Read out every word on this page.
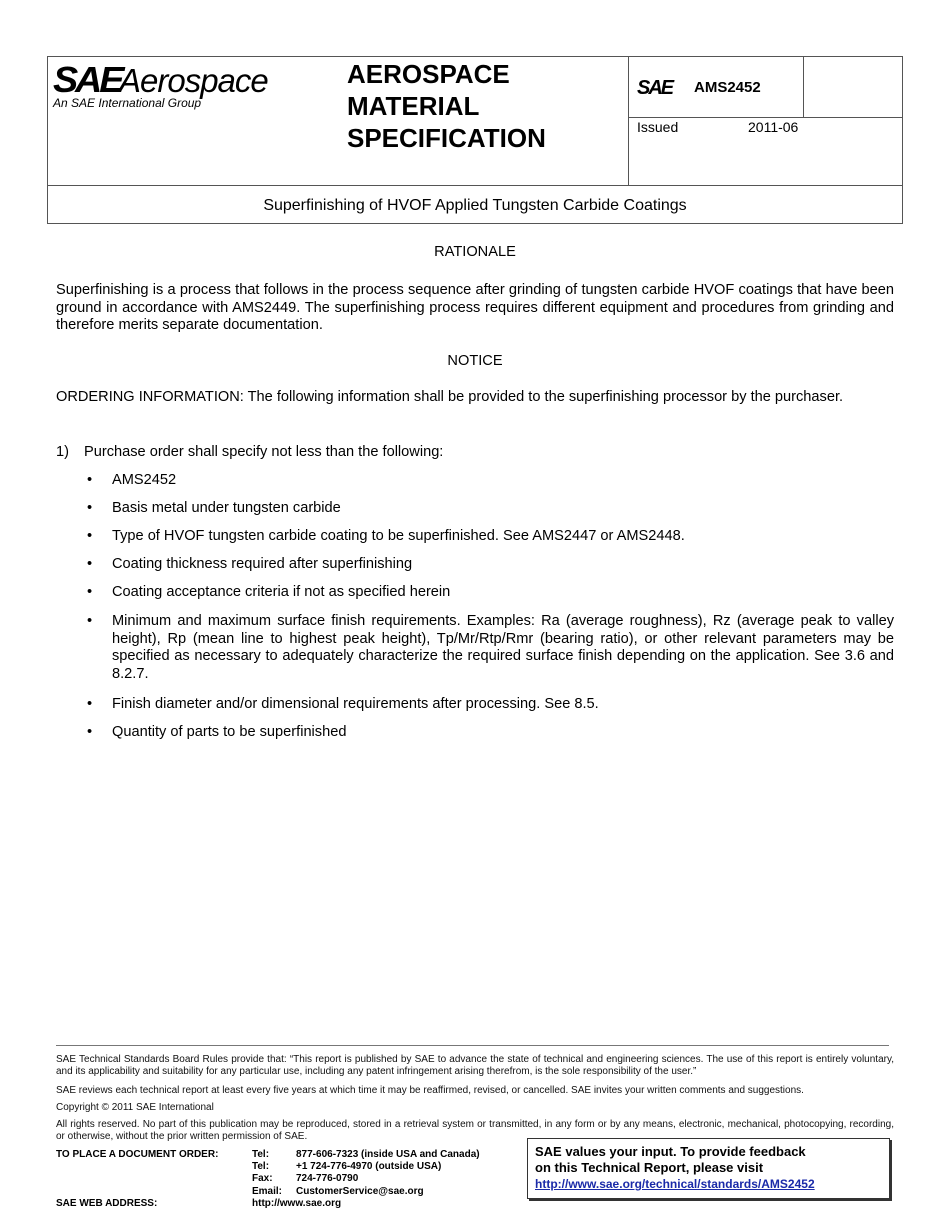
SAE
Aerospace
An SAE International Group
AEROSPACE
MATERIAL
SPECIFICATION
SAE AMS2452
Issued	2011-06
Superfinishing of HVOF Applied Tungsten Carbide Coatings
RATIONALE
Superfinishing is a process that follows in the process sequence after grinding of tungsten carbide HVOF coatings that have been ground in accordance with AMS2449. The superfinishing process requires different equipment and procedures from grinding and therefore merits separate documentation.
NOTICE
ORDERING INFORMATION: The following information shall be provided to the superfinishing processor by the purchaser.
1) Purchase order shall specify not less than the following:
• AMS2452
• Basis metal under tungsten carbide
• Type of HVOF tungsten carbide coating to be superfinished. See AMS2447 or AMS2448.
• Coating thickness required after superfinishing
• Coating acceptance criteria if not as specified herein
• Minimum and maximum surface finish requirements. Examples: Ra (average roughness), Rz (average peak to valley height), Rp (mean line to highest peak height), Tp/Mr/Rtp/Rmr (bearing ratio), or other relevant parameters may be specified as necessary to adequately characterize the required surface finish depending on the application. See 3.6 and 8.2.7.
• Finish diameter and/or dimensional requirements after processing. See 8.5.
• Quantity of parts to be superfinished
SAE Technical Standards Board Rules provide that: “This report is published by SAE to advance the state of technical and engineering sciences. The use of this report is entirely voluntary, and its applicability and suitability for any particular use, including any patent infringement arising therefrom, is the sole responsibility of the user.”
SAE reviews each technical report at least every five years at which time it may be reaffirmed, revised, or cancelled. SAE invites your written comments and suggestions.
Copyright © 2011 SAE International
All rights reserved. No part of this publication may be reproduced, stored in a retrieval system or transmitted, in any form or by any means, electronic, mechanical, photocopying, recording, or otherwise, without the prior written permission of SAE.
TO PLACE A DOCUMENT ORDER:	Tel:	877-606-7323 (inside USA and Canada)
Tel:	+1 724-776-4970 (outside USA)
Fax: 724-776-0790
Email: CustomerService@sae.org
SAE WEB ADDRESS:	http://www.sae.org
SAE values your input. To provide feedback
on this Technical Report, please visit
http://www.sae.org/technical/standards/AMS2452
